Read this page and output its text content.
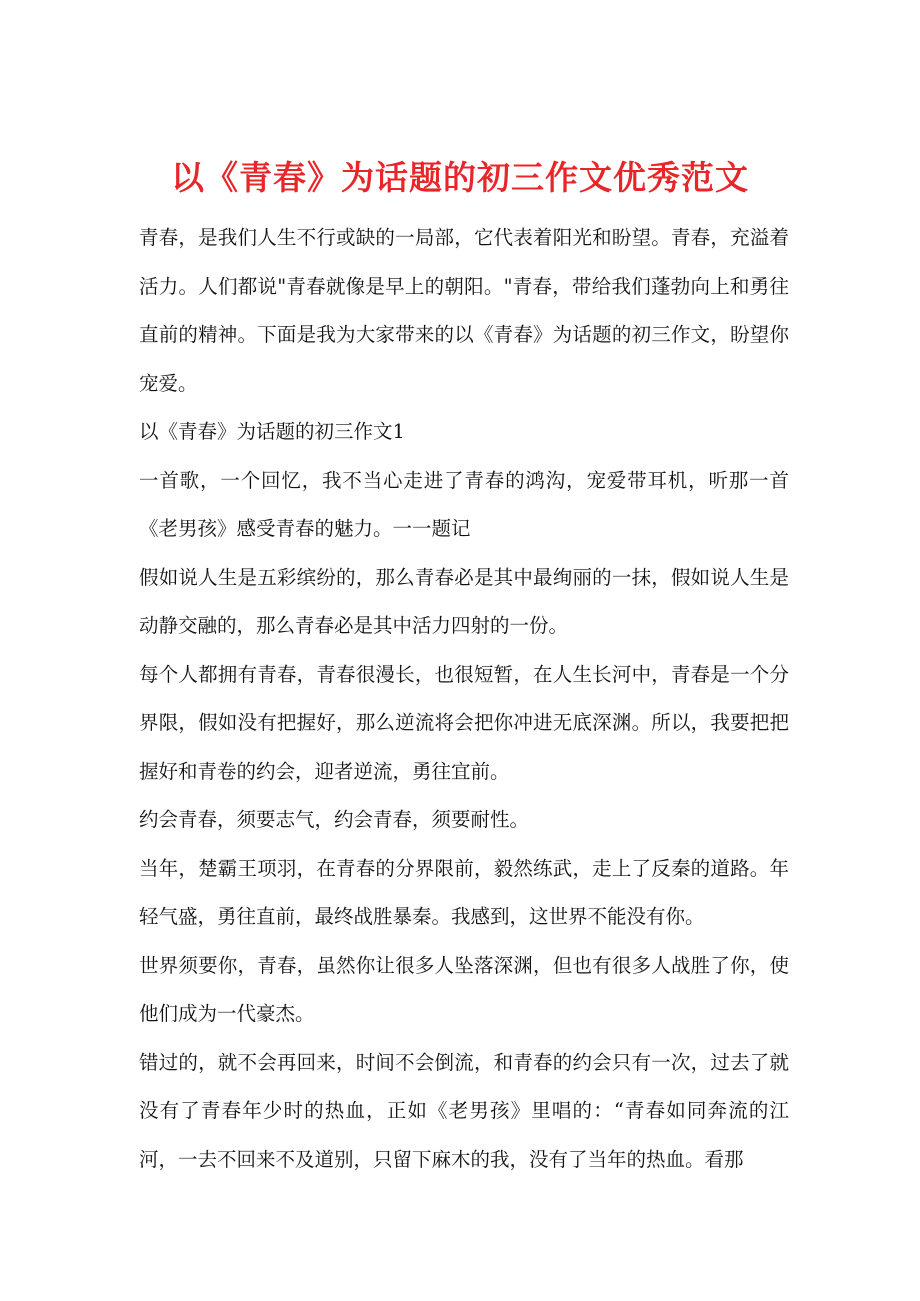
以《青春》为话题的初三作文优秀范文

青春，是我们人生不行或缺的一局部，它代表着阳光和盼望。青春，充溢着活力。人们都说"青春就像是早上的朝阳。"青春，带给我们蓬勃向上和勇往直前的精神。下面是我为大家带来的以《青春》为话题的初三作文，盼望你宠爱。

以《青春》为话题的初三作文1

一首歌，一个回忆，我不当心走进了青春的鸿沟，宠爱带耳机，听那一首《老男孩》感受青春的魅力。一一题记

假如说人生是五彩缤纷的，那么青春必是其中最绚丽的一抹，假如说人生是动静交融的，那么青春必是其中活力四射的一份。

每个人都拥有青春，青春很漫长，也很短暂，在人生长河中，青春是一个分界限，假如没有把握好，那么逆流将会把你冲进无底深渊。所以，我要把把握好和青卷的约会，迎者逆流，勇往宜前。

约会青春，须要志气，约会青春，须要耐性。

当年，楚霸王项羽，在青春的分界限前，毅然练武，走上了反秦的道路。年轻气盛，勇往直前，最终战胜暴秦。我感到，这世界不能没有你。

世界须要你，青春，虽然你让很多人坠落深渊，但也有很多人战胜了你，使他们成为一代豪杰。

错过的，就不会再回来，时间不会倒流，和青春的约会只有一次，过去了就没有了青春年少时的热血，正如《老男孩》里唱的：“青春如同奔流的江河，一去不回来不及道别，只留下麻木的我，没有了当年的热血。看那
